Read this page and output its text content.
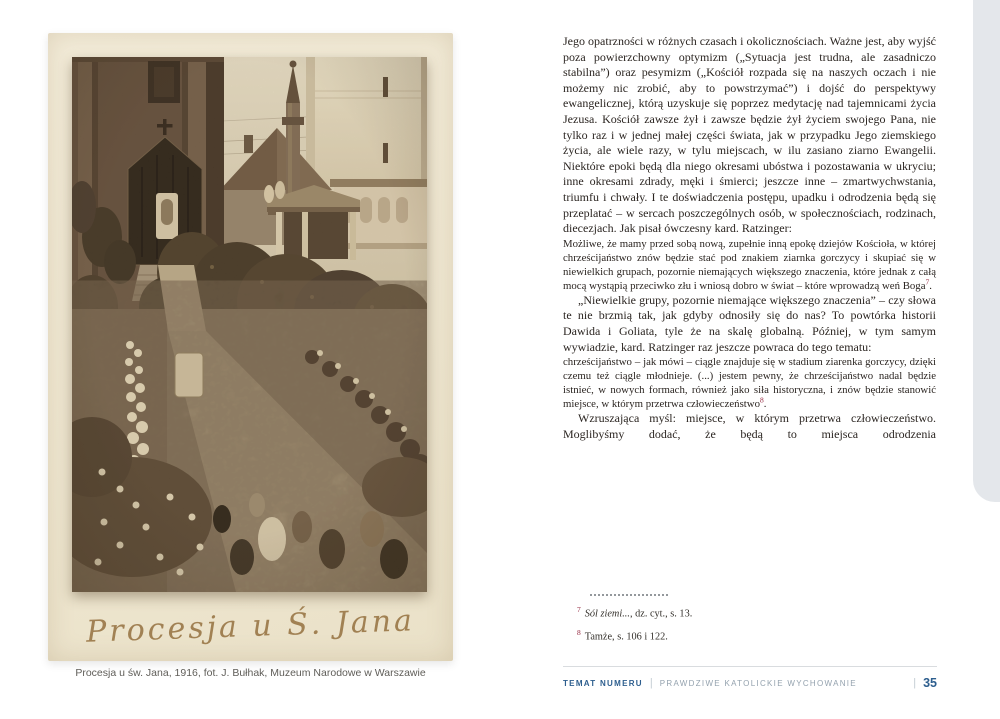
Procesja u Ś. Jana
Procesja u św. Jana, 1916, fot. J. Bułhak, Muzeum Narodowe w Warszawie

Jego opatrzności w różnych czasach i okolicznościach. Ważne jest, aby wyjść poza powierzchowny optymizm („Sytuacja jest trudna, ale zasadniczo stabilna”) oraz pesymizm („Kościół rozpada się na naszych oczach i nie możemy nic zrobić, aby to powstrzymać”) i dojść do perspektywy ewangelicznej, którą uzyskuje się poprzez medytację nad tajemnicami życia Jezusa. Kościół zawsze żył i zawsze będzie żył życiem swojego Pana, nie tylko raz i w jednej małej części świata, jak w przypadku Jego ziemskiego życia, ale wiele razy, w tylu miejscach, w ilu zasiano ziarno Ewangelii. Niektóre epoki będą dla niego okresami ubóstwa i pozostawania w ukryciu; inne okresami zdrady, męki i śmierci; jeszcze inne – zmartwychwstania, triumfu i chwały. I te doświadczenia postępu, upadku i odrodzenia będą się przeplatać – w sercach poszczególnych osób, w społecznościach, rodzinach, diecezjach. Jak pisał ówczesny kard. Ratzinger:

Możliwe, że mamy przed sobą nową, zupełnie inną epokę dziejów Kościoła, w której chrześcijaństwo znów będzie stać pod znakiem ziarnka gorczycy i skupiać się w niewielkich grupach, pozornie niemających większego znaczenia, które jednak z całą mocą wystąpią przeciwko złu i wniosą dobro w świat – które wprowadzą weń Boga$^7$.

„Niewielkie grupy, pozornie niemające większego znaczenia” – czy słowa te nie brzmią tak, jak gdyby odnosiły się do nas? To powtórka historii Dawida i Goliata, tyle że na skalę globalną. Później, w tym samym wywiadzie, kard. Ratzinger raz jeszcze powraca do tego tematu:

chrześcijaństwo – jak mówi – ciągle znajduje się w stadium ziarenka gorczycy, dzięki czemu też ciągle młodnieje. (...) jestem pewny, że chrześcijaństwo nadal będzie istnieć, w nowych formach, również jako siła historyczna, i znów będzie stanowić miejsce, w którym przetrwa człowieczeństwo$^8$.

Wzruszająca myśl: miejsce, w którym przetrwa człowieczeństwo. Moglibyśmy dodać, że będą to miejsca odrodzenia

$^7$ Sól ziemi..., dz. cyt., s. 13.
$^8$ Tamże, s. 106 i 122.
TEMAT NUMERU | PRAWDZIWE KATOLICKIE WYCHOWANIE	| 35
